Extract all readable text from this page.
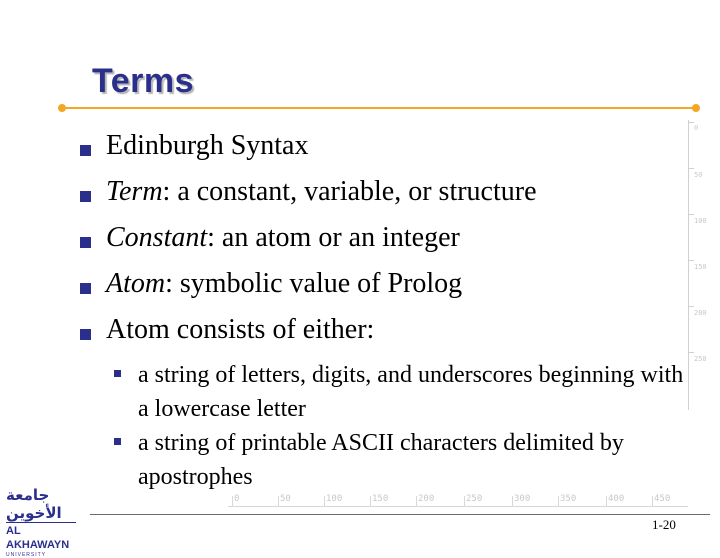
Terms
Edinburgh Syntax
Term: a constant, variable, or structure
Constant: an atom or an integer
Atom: symbolic value of Prolog
Atom consists of either:
a string of letters, digits, and underscores beginning with a lowercase letter
a string of printable ASCII characters delimited by apostrophes
0
50
100
150
200
250
0	50	100	150	200	250	300	350	400	450
جامعة الأخوين
AL AKHAWAYN
UNIVERSITY
1-20
